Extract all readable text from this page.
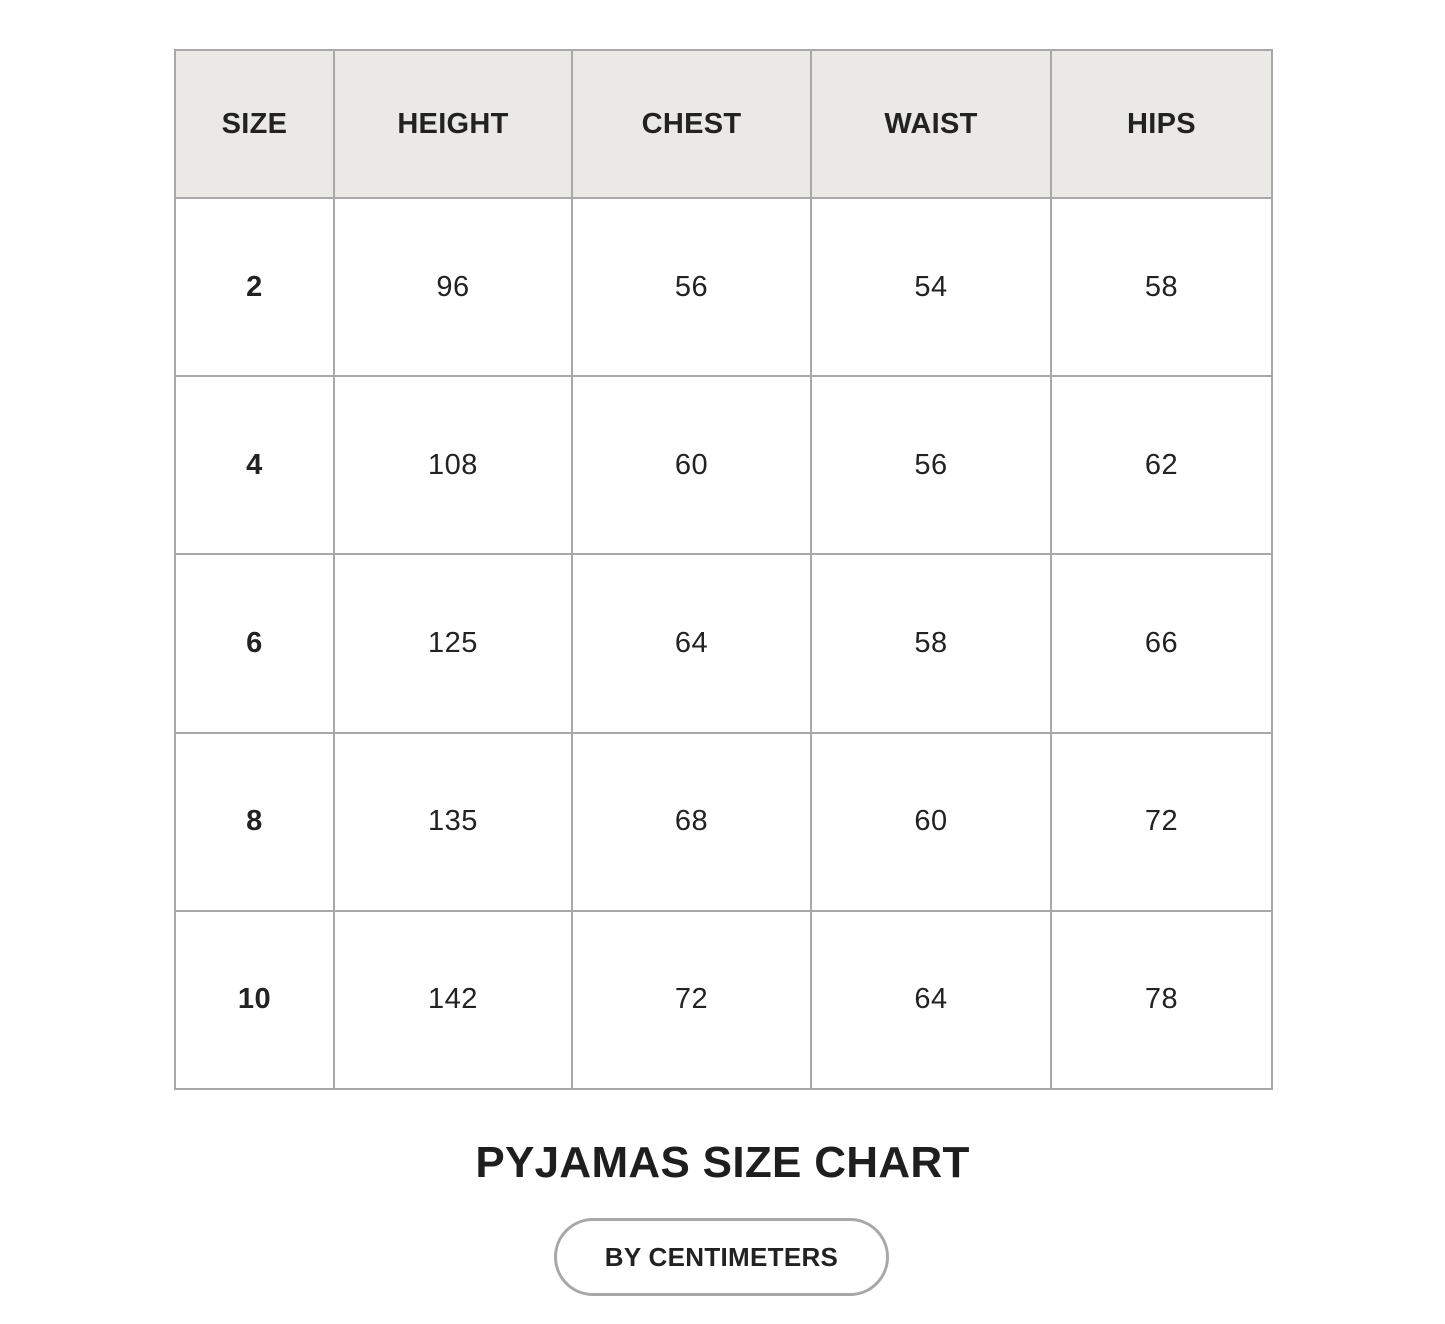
SIZE	HEIGHT	CHEST	WAIST	HIPS
2	96	56	54	58
4	108	60	56	62
6	125	64	58	66
8	135	68	60	72
10	142	72	64	78
PYJAMAS SIZE CHART
BY CENTIMETERS
